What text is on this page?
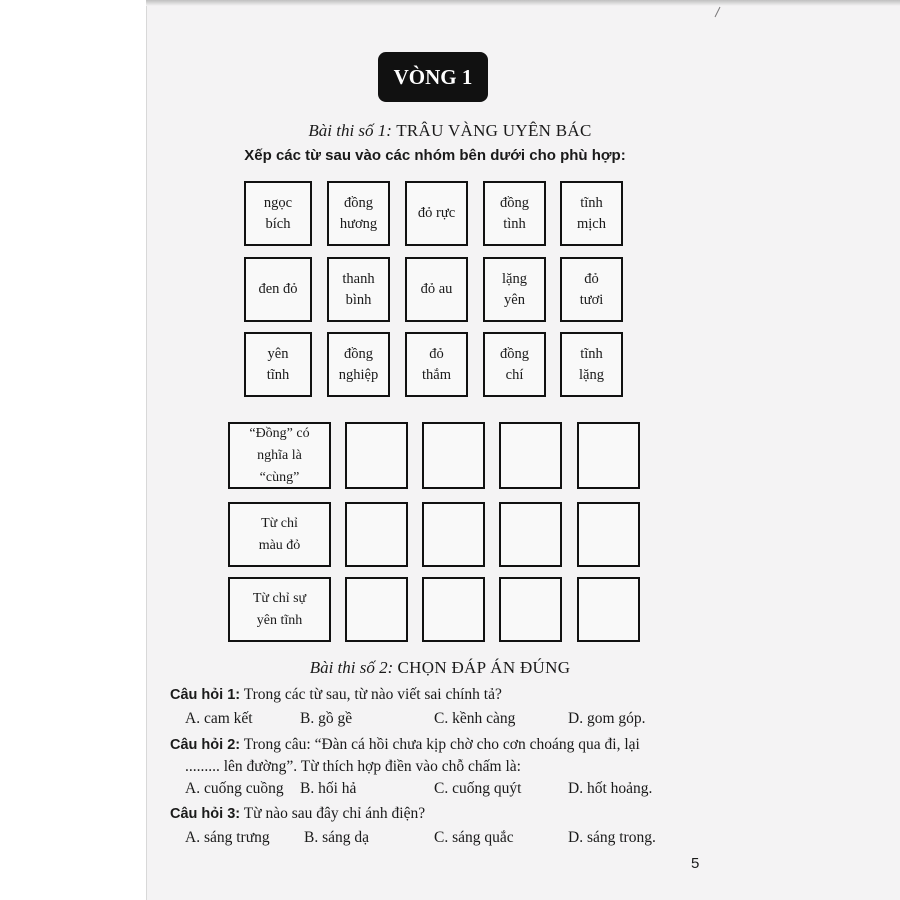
VÒNG 1
Bài thi số 1: TRÂU VÀNG UYÊN BÁC
Xếp các từ sau vào các nhóm bên dưới cho phù hợp:
ngọc
bích
đồng
hương
đỏ rực
đồng
tình
tĩnh
mịch
đen đỏ
thanh
bình
đỏ au
lặng
yên
đỏ
tươi
yên
tĩnh
đồng
nghiệp
đỏ
thắm
đồng
chí
tĩnh
lặng
“Đồng” có
nghĩa là
“cùng”
Từ chỉ
màu đỏ
Từ chỉ sự
yên tĩnh
Bài thi số 2: CHỌN ĐÁP ÁN ĐÚNG
Câu hỏi 1: Trong các từ sau, từ nào viết sai chính tả?
A. cam kết	B. gồ gề	C. kềnh càng	D. gom góp.
Câu hỏi 2: Trong câu: “Đàn cá hồi chưa kịp chờ cho cơn choáng qua đi, lại
......... lên đường”. Từ thích hợp điền vào chỗ chấm là:
A. cuống cuồng B. hối hả	C. cuống quýt	D. hốt hoảng.
Câu hỏi 3: Từ nào sau đây chỉ ánh điện?
A. sáng trưng B. sáng dạ	C. sáng quắc	D. sáng trong.
5
